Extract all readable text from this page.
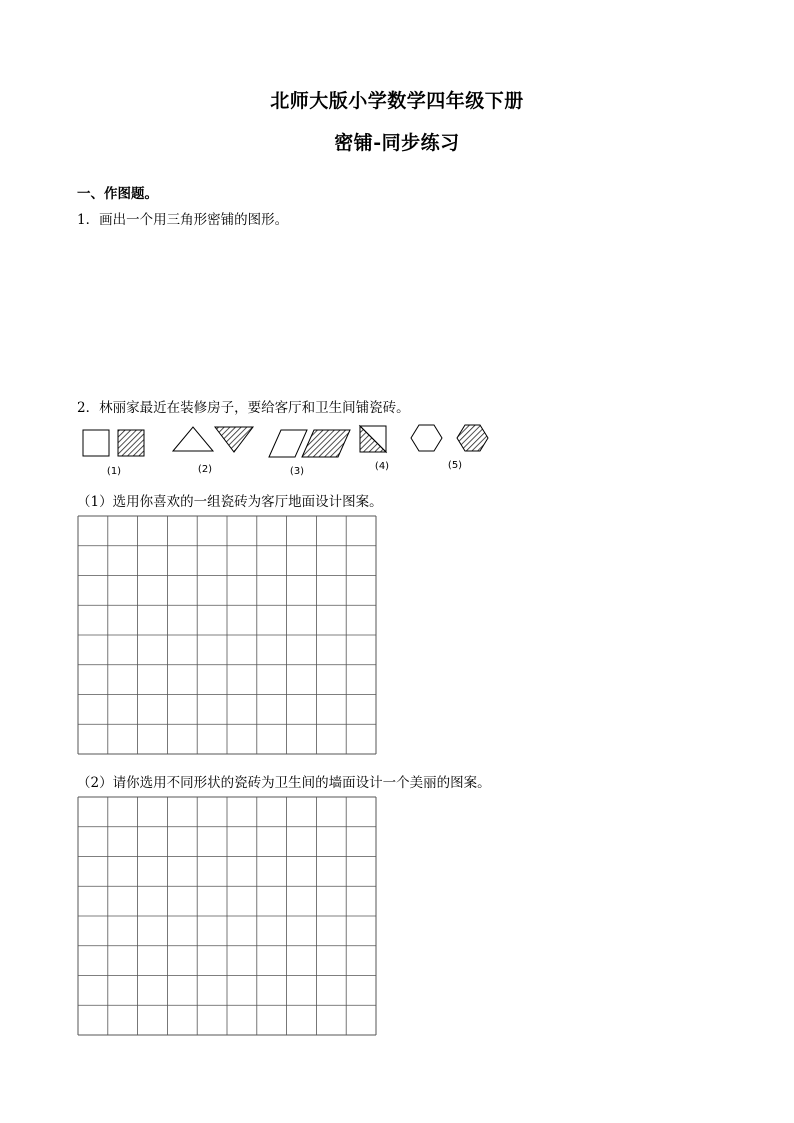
北师大版小学数学四年级下册
密铺-同步练习
一、作图题。
1．画出一个用三角形密铺的图形。
2．林丽家最近在装修房子，要给客厅和卫生间铺瓷砖。
(1)	(2)	(3)	(4)	(5)
（1）选用你喜欢的一组瓷砖为客厅地面设计图案。
（2）请你选用不同形状的瓷砖为卫生间的墙面设计一个美丽的图案。
